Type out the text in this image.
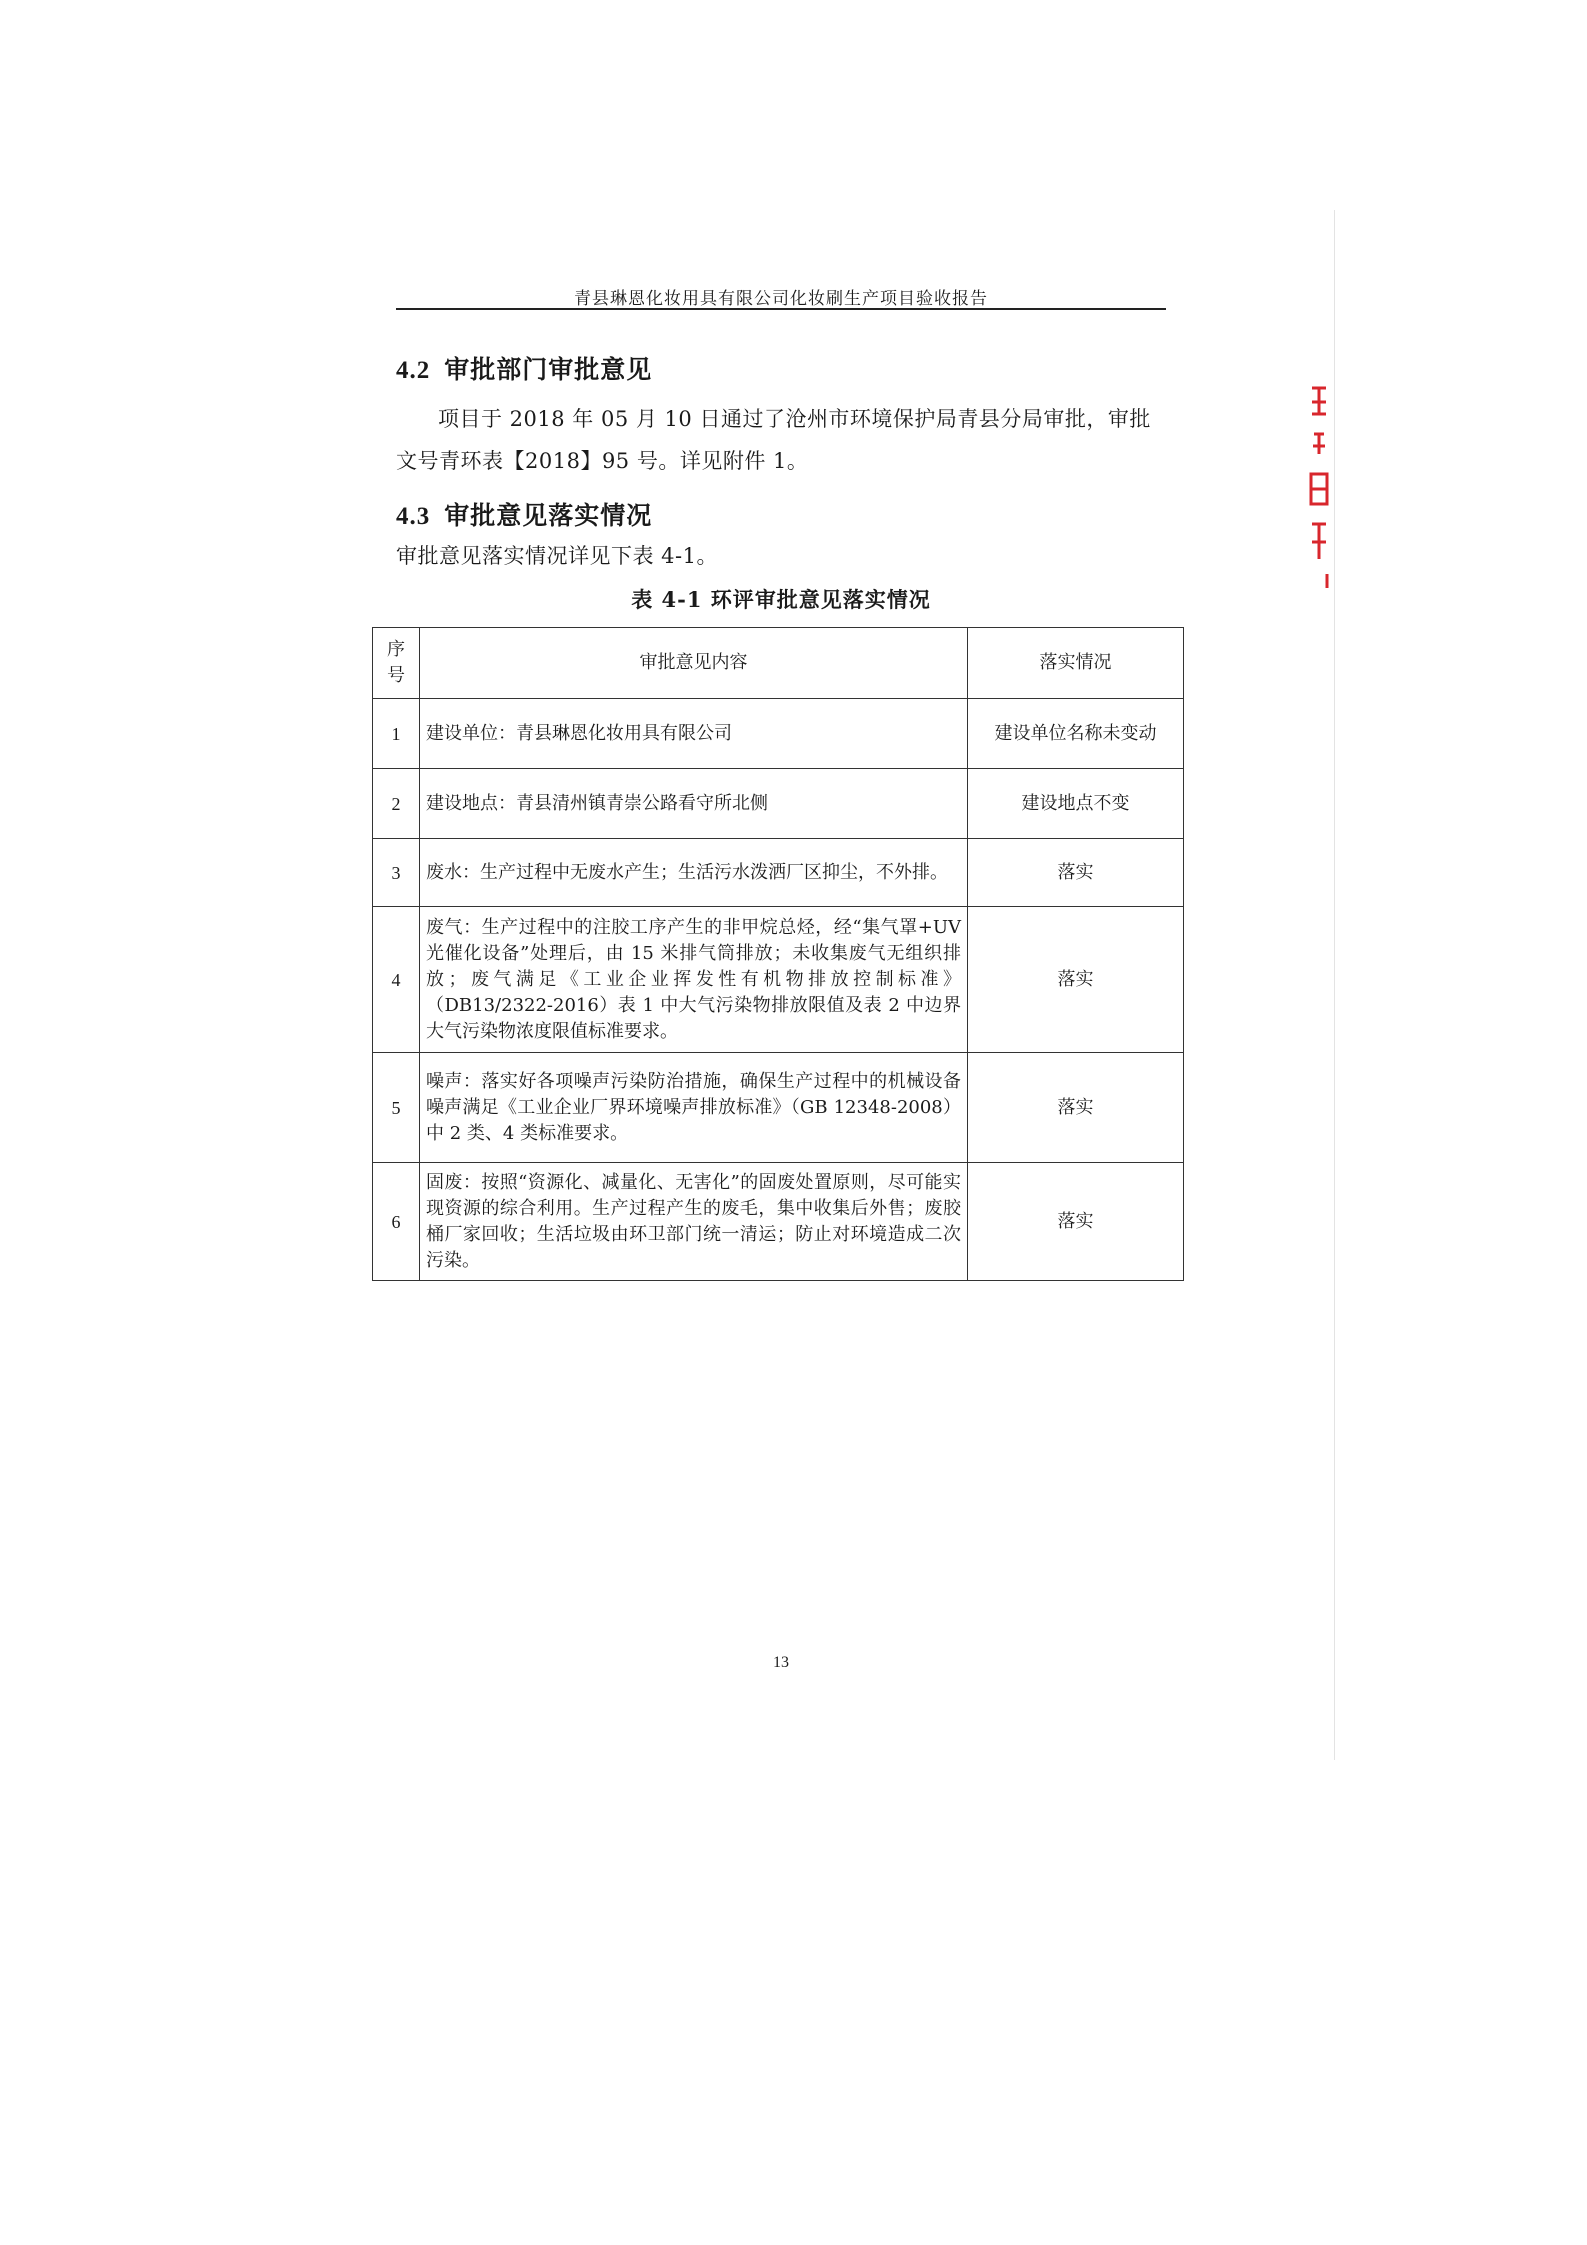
青县琳恩化妆用具有限公司化妆刷生产项目验收报告
4.2 审批部门审批意见
项目于 2018 年 05 月 10 日通过了沧州市环境保护局青县分局审批，审批文号青环表【2018】95 号。详见附件 1。
4.3 审批意见落实情况
审批意见落实情况详见下表 4-1。
表 4-1 环评审批意见落实情况
序号	审批意见内容	落实情况
1	建设单位：青县琳恩化妆用具有限公司	建设单位名称未变动
2	建设地点：青县清州镇青崇公路看守所北侧	建设地点不变
3	废水：生产过程中无废水产生；生活污水泼洒厂区抑尘，不外排。	落实
4	废气：生产过程中的注胶工序产生的非甲烷总烃，经“集气罩+UV光催化设备”处理后，由 15 米排气筒排放；未收集废气无组织排放；废气满足《工业企业挥发性有机物排放控制标准》（DB13/2322-2016）表 1 中大气污染物排放限值及表 2 中边界大气污染物浓度限值标准要求。	落实
5	噪声：落实好各项噪声污染防治措施，确保生产过程中的机械设备噪声满足《工业企业厂界环境噪声排放标准》（GB 12348-2008）中 2 类、4 类标准要求。	落实
6	固废：按照“资源化、减量化、无害化”的固废处置原则，尽可能实现资源的综合利用。生产过程产生的废毛，集中收集后外售；废胶桶厂家回收；生活垃圾由环卫部门统一清运；防止对环境造成二次污染。	落实
13
